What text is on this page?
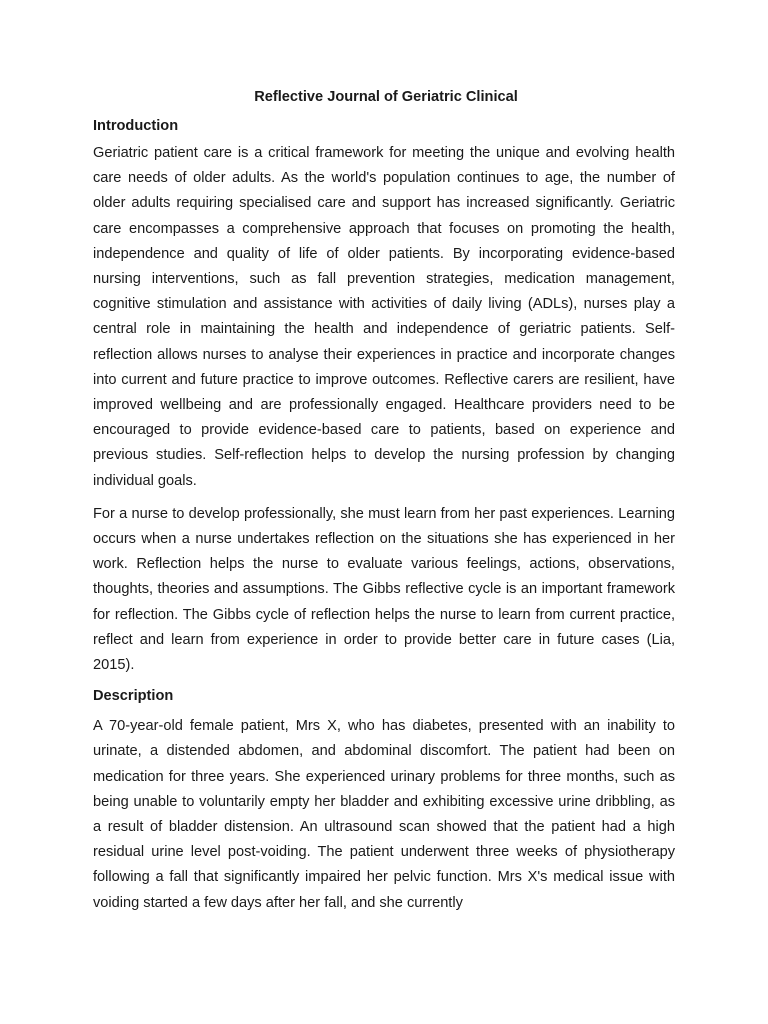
Reflective Journal of Geriatric Clinical
Introduction

Geriatric patient care is a critical framework for meeting the unique and evolving health care needs of older adults. As the world's population continues to age, the number of older adults requiring specialised care and support has increased significantly. Geriatric care encompasses a comprehensive approach that focuses on promoting the health, independence and quality of life of older patients. By incorporating evidence-based nursing interventions, such as fall prevention strategies, medication management, cognitive stimulation and assistance with activities of daily living (ADLs), nurses play a central role in maintaining the health and independence of geriatric patients. Self-reflection allows nurses to analyse their experiences in practice and incorporate changes into current and future practice to improve outcomes. Reflective carers are resilient, have improved wellbeing and are professionally engaged. Healthcare providers need to be encouraged to provide evidence-based care to patients, based on experience and previous studies. Self-reflection helps to develop the nursing profession by changing individual goals.

For a nurse to develop professionally, she must learn from her past experiences. Learning occurs when a nurse undertakes reflection on the situations she has experienced in her work. Reflection helps the nurse to evaluate various feelings, actions, observations, thoughts, theories and assumptions. The Gibbs reflective cycle is an important framework for reflection. The Gibbs cycle of reflection helps the nurse to learn from current practice, reflect and learn from experience in order to provide better care in future cases (Lia, 2015).

Description

A 70-year-old female patient, Mrs X, who has diabetes, presented with an inability to urinate, a distended abdomen, and abdominal discomfort. The patient had been on medication for three years. She experienced urinary problems for three months, such as being unable to voluntarily empty her bladder and exhibiting excessive urine dribbling, as a result of bladder distension. An ultrasound scan showed that the patient had a high residual urine level post-voiding. The patient underwent three weeks of physiotherapy following a fall that significantly impaired her pelvic function. Mrs X's medical issue with voiding started a few days after her fall, and she currently
